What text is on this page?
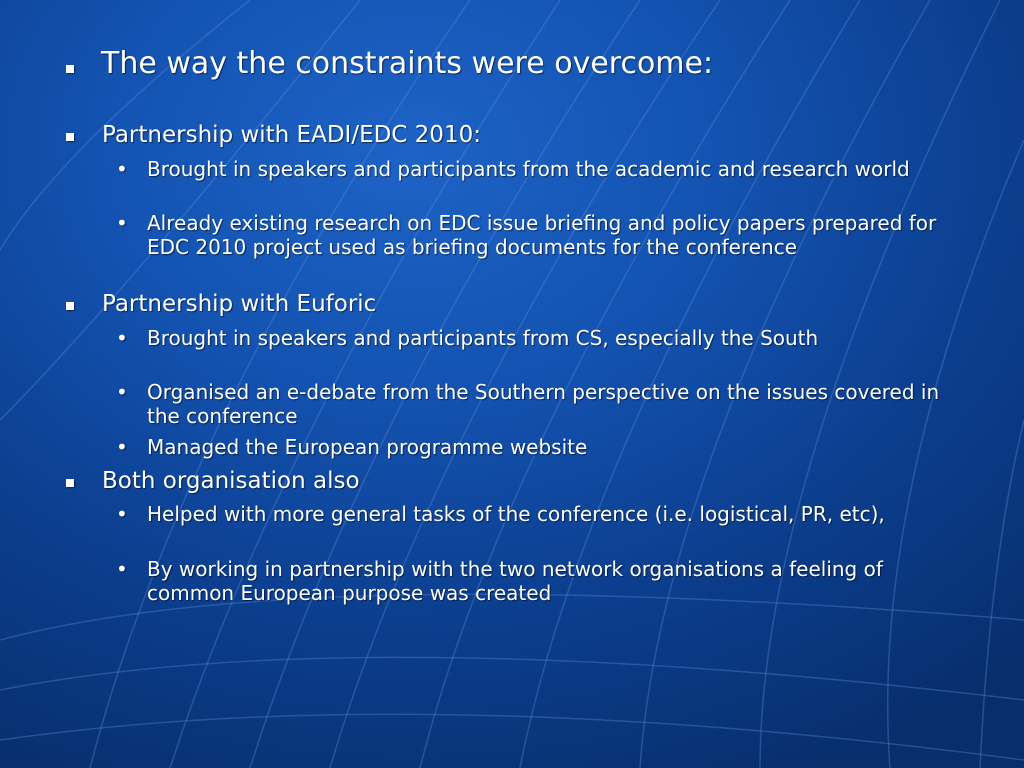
The way the constraints were overcome:
Partnership with EADI/EDC 2010:
• Brought in speakers and participants from the academic and research world
• Already existing research on EDC issue briefing and policy papers prepared for EDC 2010 project used as briefing documents for the conference
Partnership with Euforic
• Brought in speakers and participants from CS, especially the South
• Organised an e-debate from the Southern perspective on the issues covered in the conference
• Managed the European programme website
Both organisation also
• Helped with more general tasks of the conference (i.e. logistical, PR, etc),
• By working in partnership with the two network organisations a feeling of common European purpose was created
